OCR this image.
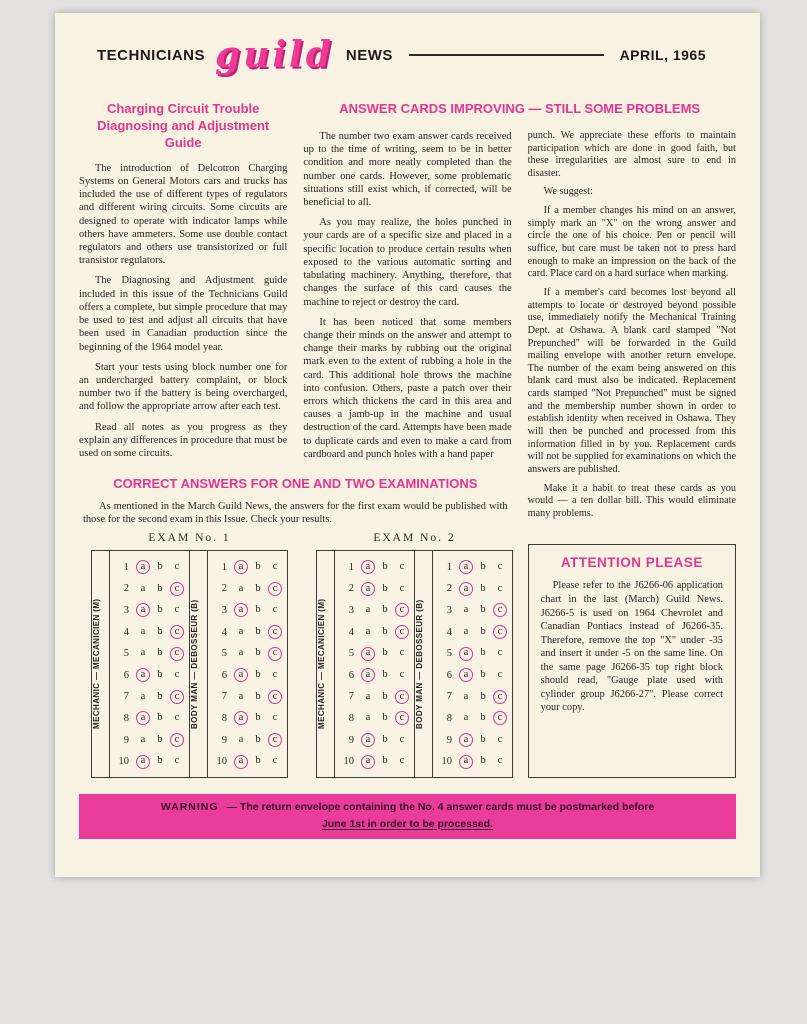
TECHNICIANS guild NEWS	APRIL, 1965
Charging Circuit Trouble Diagnosing and Adjustment Guide

The introduction of Delcotron Charging Systems on General Motors cars and trucks has included the use of different types of regulators and different wiring circuits. Some circuits are designed to operate with indicator lamps while others have ammeters. Some use double contact regulators and others use transistorized or full transistor regulators.

The Diagnosing and Adjustment guide included in this issue of the Technicians Guild offers a complete, but simple procedure that may be used to test and adjust all circuits that have been used in Canadian production since the beginning of the 1964 model year.

Start your tests using block number one for an undercharged battery complaint, or block number two if the battery is being overcharged, and follow the appropriate arrow after each test.

Read all notes as you progress as they explain any differences in procedure that must be used on some circuits.

ANSWER CARDS IMPROVING — STILL SOME PROBLEMS

The number two exam answer cards received up to the time of writing, seem to be in better condition and more neatly completed than the number one cards. However, some problematic situations still exist which, if corrected, will be beneficial to all.

As you may realize, the holes punched in your cards are of a specific size and placed in a specific location to produce certain results when exposed to the various automatic sorting and tabulating machinery. Anything, therefore, that changes the surface of this card causes the machine to reject or destroy the card.

It has been noticed that some members change their minds on the answer and attempt to change their marks by rubbing out the original mark even to the extent of rubbing a hole in the card. This additional hole throws the machine into confusion. Others, paste a patch over their errors which thickens the card in this area and causes a jamb-up in the machine and usual destruction of the card. Attempts have been made to duplicate cards and even to make a card from cardboard and punch holes with a hand paper

punch. We appreciate these efforts to maintain participation which are done in good faith, but these irregularities are almost sure to end in disaster.

We suggest:

If a member changes his mind on an answer, simply mark an "X" on the wrong answer and circle the one of his choice. Pen or pencil will suffice, but care must be taken not to press hard enough to make an impression on the back of the card. Place card on a hard surface when marking.

If a member's card becomes lost beyond all attempts to locate or destroyed beyond possible use, immediately notify the Mechanical Training Dept. at Oshawa. A blank card stamped "Not Prepunched" will be forwarded in the Guild mailing envelope with another return envelope. The number of the exam being answered on this blank card must also be indicated. Replacement cards stamped "Not Prepunched" must be signed and the membership number shown in order to establish identity when received in Oshawa. They will then be punched and processed from this information filled in by you. Replacement cards will not be supplied for examinations on which the answers are published.

Make it a habit to treat these cards as you would — a ten dollar bill. This would eliminate many problems.

CORRECT ANSWERS FOR ONE AND TWO EXAMINATIONS

As mentioned in the March Guild News, the answers for the first exam would be published with those for the second exam in this Issue. Check your results.

EXAM No. 1
MECHANIC — MECANICIEN (M)
1	a	b	c
2	a	b	c
3	a	b	c
4	a	b	c
5	a	b	c
6	a	b	c
7	a	b	c
8	a	b	c
9	a	b	c
10	a	b	c
BODY MAN — DEBOSSEUR (B)
1	a	b	c
2	a	b	c
3	a	b	c
4	a	b	c
5	a	b	c
6	a	b	c
7	a	b	c
8	a	b	c
9	a	b	c
10	a	b	c
EXAM No. 2
MECHANIC — MECANICIEN (M)
1	a	b	c
2	a	b	c
3	a	b	c
4	a	b	c
5	a	b	c
6	a	b	c
7	a	b	c
8	a	b	c
9	a	b	c
10	a	b	c
BODY MAN — DEBOSSEUR (B)
1	a	b	c
2	a	b	c
3	a	b	c
4	a	b	c
5	a	b	c
6	a	b	c
7	a	b	c
8	a	b	c
9	a	b	c
10	a	b	c
ATTENTION PLEASE

Please refer to the J6266-06 application chart in the last (March) Guild News. J6266-5 is used on 1964 Chevrolet and Canadian Pontiacs instead of J6266-35. Therefore, remove the top "X" under -35 and insert it under -5 on the same line. On the same page J6266-35 top right block should read, "Gauge plate used with cylinder group J6266-27". Please correct your copy.

WARNING — The return envelope containing the No. 4 answer cards must be postmarked before
June 1st in order to be processed.
